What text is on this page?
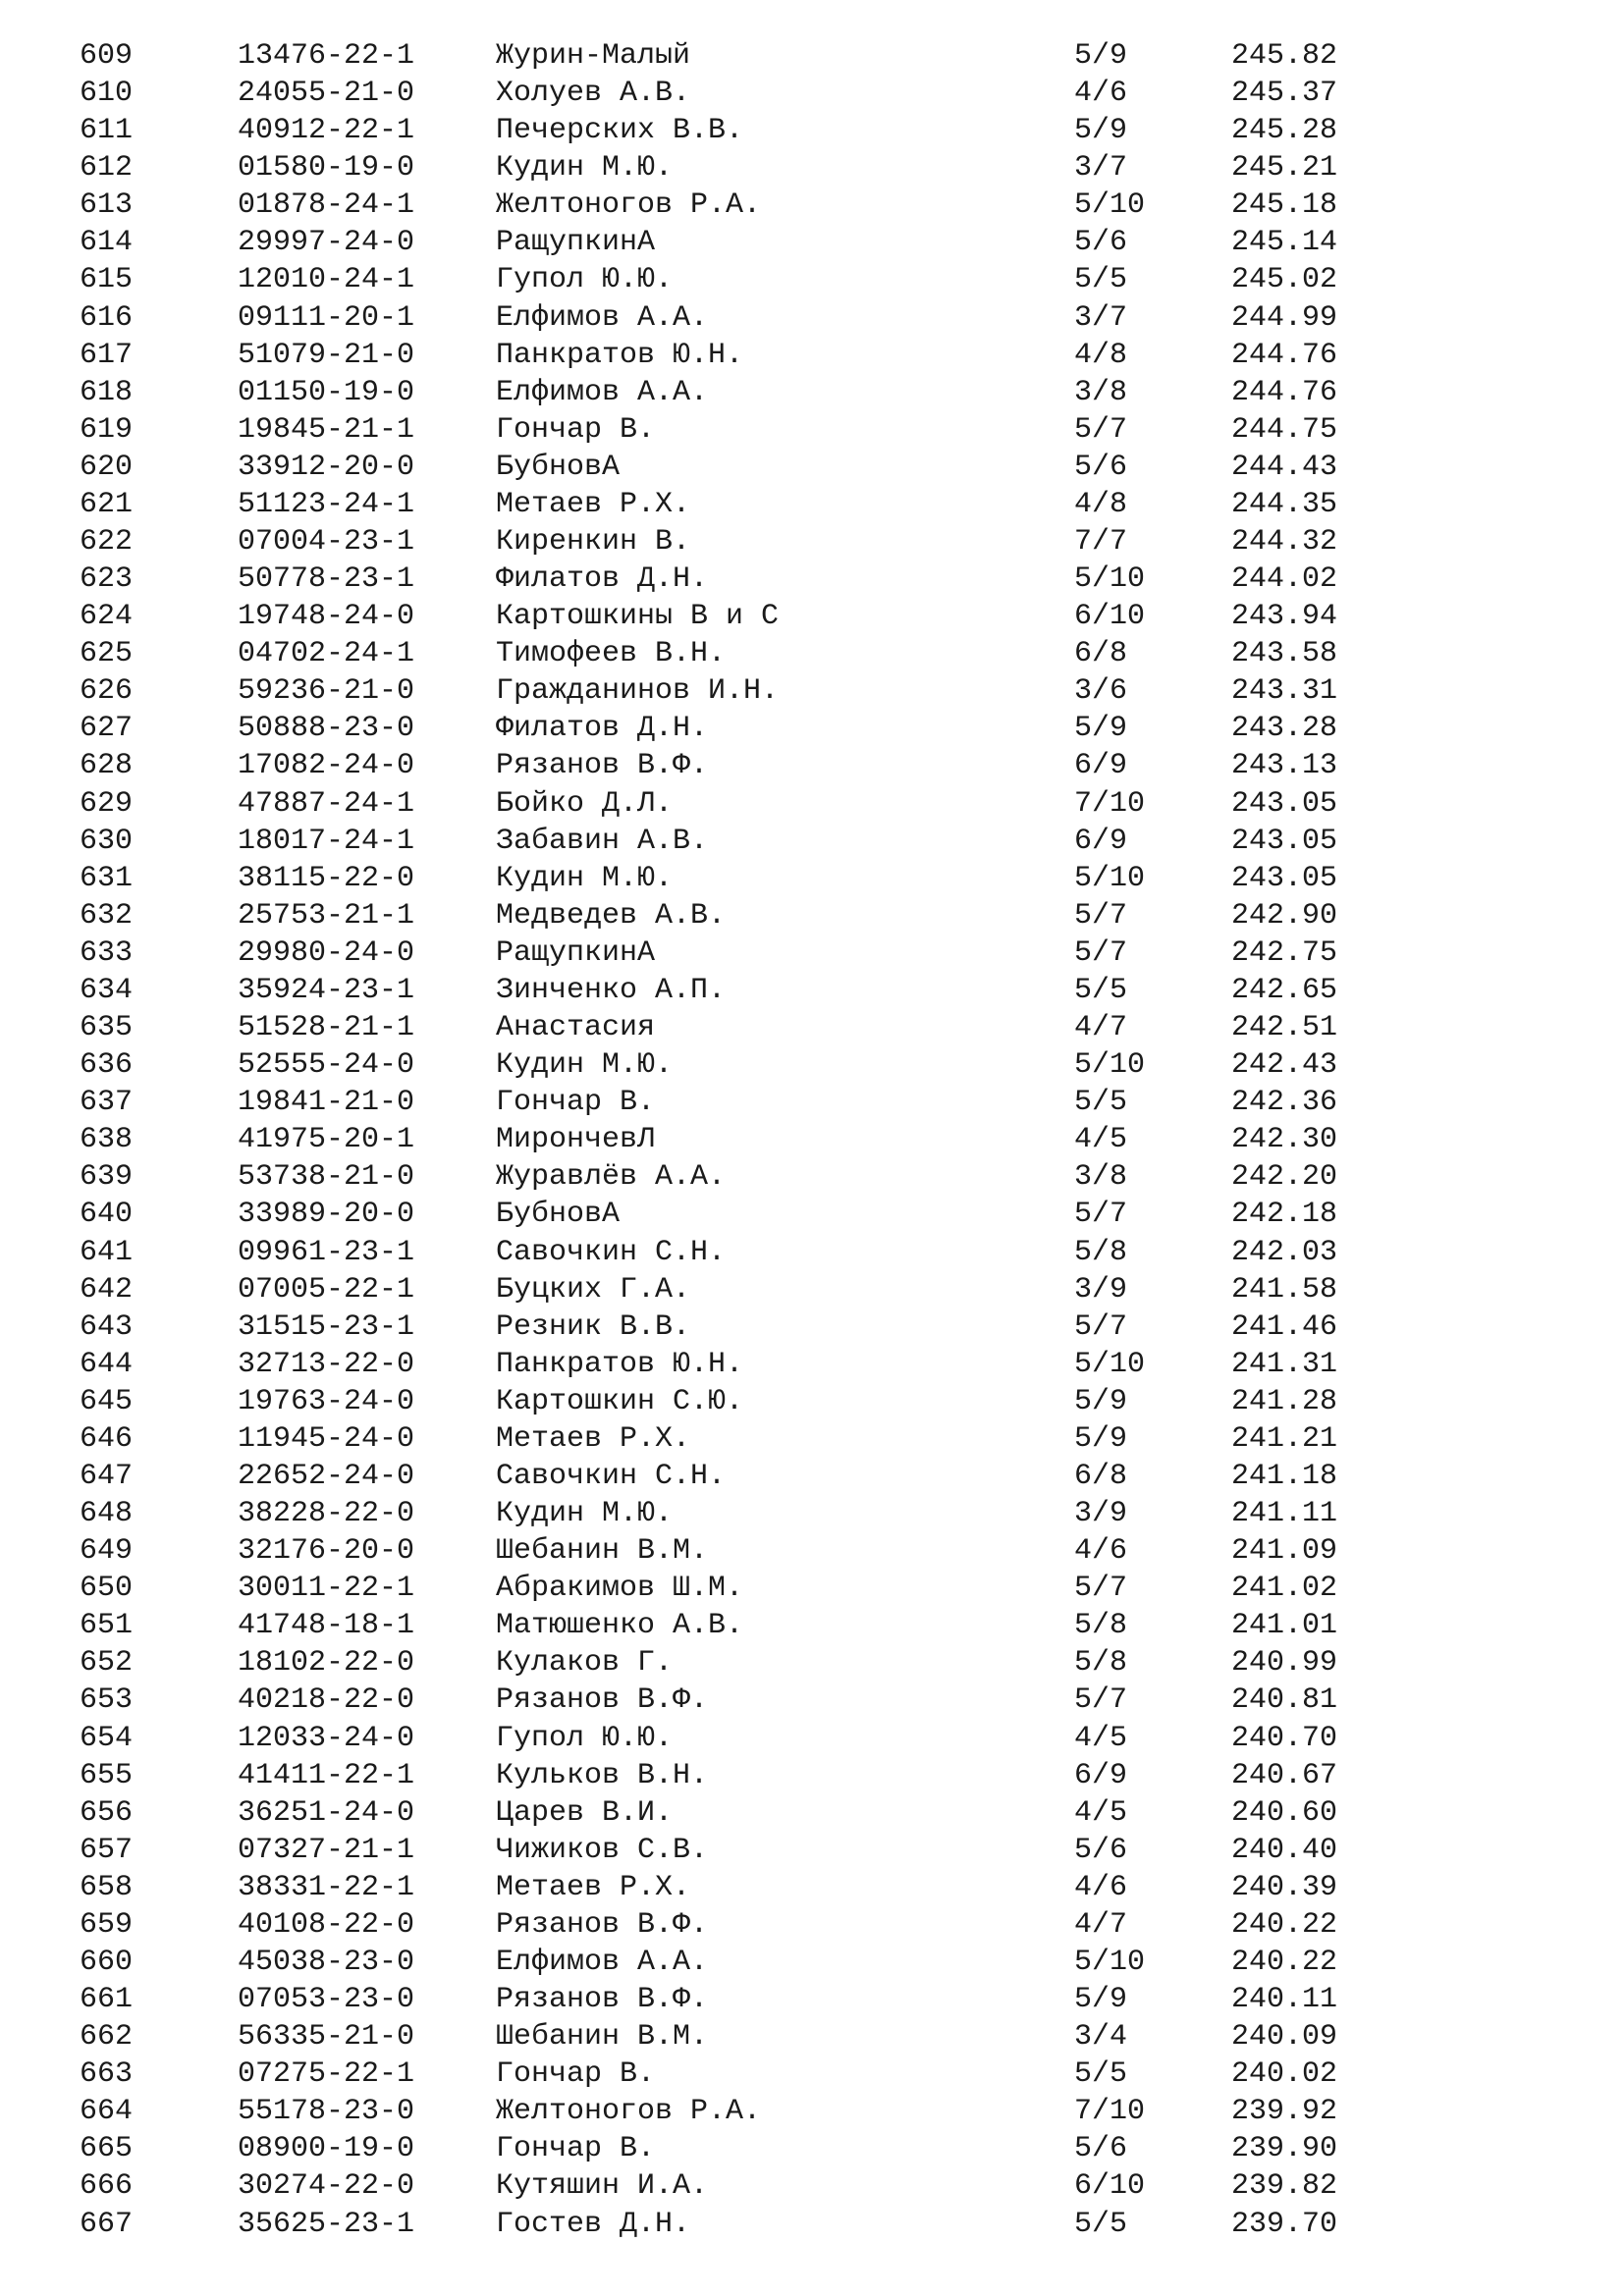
609	13476-22-1	Журин-Малый	5/9	245.82
610	24055-21-0	Холуев А.В.	4/6	245.37
611	40912-22-1	Печерских В.В.	5/9	245.28
612	01580-19-0	Кудин М.Ю.	3/7	245.21
613	01878-24-1	Желтоногов Р.А.	5/10	245.18
614	29997-24-0	РащупкинА	5/6	245.14
615	12010-24-1	Гупол Ю.Ю.	5/5	245.02
616	09111-20-1	Елфимов А.А.	3/7	244.99
617	51079-21-0	Панкратов Ю.Н.	4/8	244.76
618	01150-19-0	Елфимов А.А.	3/8	244.76
619	19845-21-1	Гончар В.	5/7	244.75
620	33912-20-0	БубновА	5/6	244.43
621	51123-24-1	Метаев Р.Х.	4/8	244.35
622	07004-23-1	Киренкин В.	7/7	244.32
623	50778-23-1	Филатов Д.Н.	5/10	244.02
624	19748-24-0	Картошкины В и С	6/10	243.94
625	04702-24-1	Тимофеев В.Н.	6/8	243.58
626	59236-21-0	Гражданинов И.Н.	3/6	243.31
627	50888-23-0	Филатов Д.Н.	5/9	243.28
628	17082-24-0	Рязанов В.Ф.	6/9	243.13
629	47887-24-1	Бойко Д.Л.	7/10	243.05
630	18017-24-1	Забавин А.В.	6/9	243.05
631	38115-22-0	Кудин М.Ю.	5/10	243.05
632	25753-21-1	Медведев А.В.	5/7	242.90
633	29980-24-0	РащупкинА	5/7	242.75
634	35924-23-1	Зинченко А.П.	5/5	242.65
635	51528-21-1	Анастасия	4/7	242.51
636	52555-24-0	Кудин М.Ю.	5/10	242.43
637	19841-21-0	Гончар В.	5/5	242.36
638	41975-20-1	МирончевЛ	4/5	242.30
639	53738-21-0	Журавлёв А.А.	3/8	242.20
640	33989-20-0	БубновА	5/7	242.18
641	09961-23-1	Савочкин С.Н.	5/8	242.03
642	07005-22-1	Буцких Г.А.	3/9	241.58
643	31515-23-1	Резник В.В.	5/7	241.46
644	32713-22-0	Панкратов Ю.Н.	5/10	241.31
645	19763-24-0	Картошкин С.Ю.	5/9	241.28
646	11945-24-0	Метаев Р.Х.	5/9	241.21
647	22652-24-0	Савочкин С.Н.	6/8	241.18
648	38228-22-0	Кудин М.Ю.	3/9	241.11
649	32176-20-0	Шебанин В.М.	4/6	241.09
650	30011-22-1	Абракимов Ш.М.	5/7	241.02
651	41748-18-1	Матюшенко А.В.	5/8	241.01
652	18102-22-0	Кулаков Г.	5/8	240.99
653	40218-22-0	Рязанов В.Ф.	5/7	240.81
654	12033-24-0	Гупол Ю.Ю.	4/5	240.70
655	41411-22-1	Кульков В.Н.	6/9	240.67
656	36251-24-0	Царев В.И.	4/5	240.60
657	07327-21-1	Чижиков С.В.	5/6	240.40
658	38331-22-1	Метаев Р.Х.	4/6	240.39
659	40108-22-0	Рязанов В.Ф.	4/7	240.22
660	45038-23-0	Елфимов А.А.	5/10	240.22
661	07053-23-0	Рязанов В.Ф.	5/9	240.11
662	56335-21-0	Шебанин В.М.	3/4	240.09
663	07275-22-1	Гончар В.	5/5	240.02
664	55178-23-0	Желтоногов Р.А.	7/10	239.92
665	08900-19-0	Гончар В.	5/6	239.90
666	30274-22-0	Кутяшин И.А.	6/10	239.82
667	35625-23-1	Гостев Д.Н.	5/5	239.70
